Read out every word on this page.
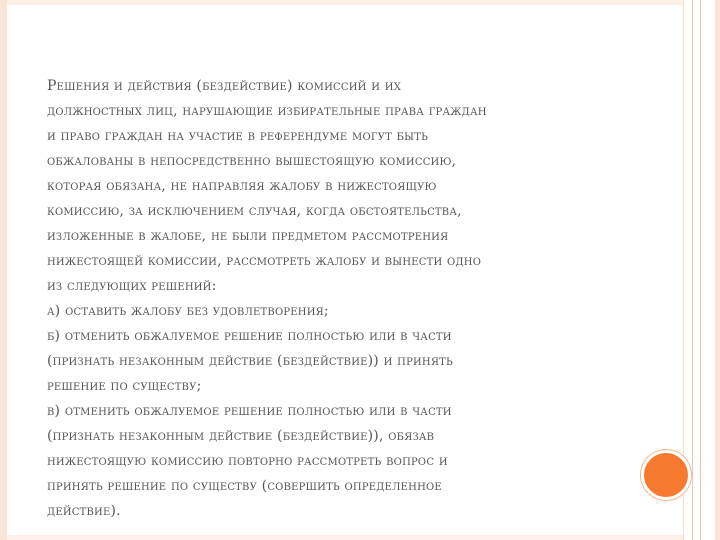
Решения и действия (бездействие) комиссий и их
должностных лиц, нарушающие избирательные права граждан
и право граждан на участие в референдуме могут быть
обжалованы в непосредственно вышестоящую комиссию,
которая обязана, не направляя жалобу в нижестоящую
комиссию, за исключением случая, когда обстоятельства,
изложенные в жалобе, не были предметом рассмотрения
нижестоящей комиссии, рассмотреть жалобу и вынести одно
из следующих решений:
а) оставить жалобу без удовлетворения;
б) отменить обжалуемое решение полностью или в части
(признать незаконным действие (бездействие)) и принять
решение по существу;
в) отменить обжалуемое решение полностью или в части
(признать незаконным действие (бездействие)), обязав
нижестоящую комиссию повторно рассмотреть вопрос и
принять решение по существу (совершить определенное
действие).
